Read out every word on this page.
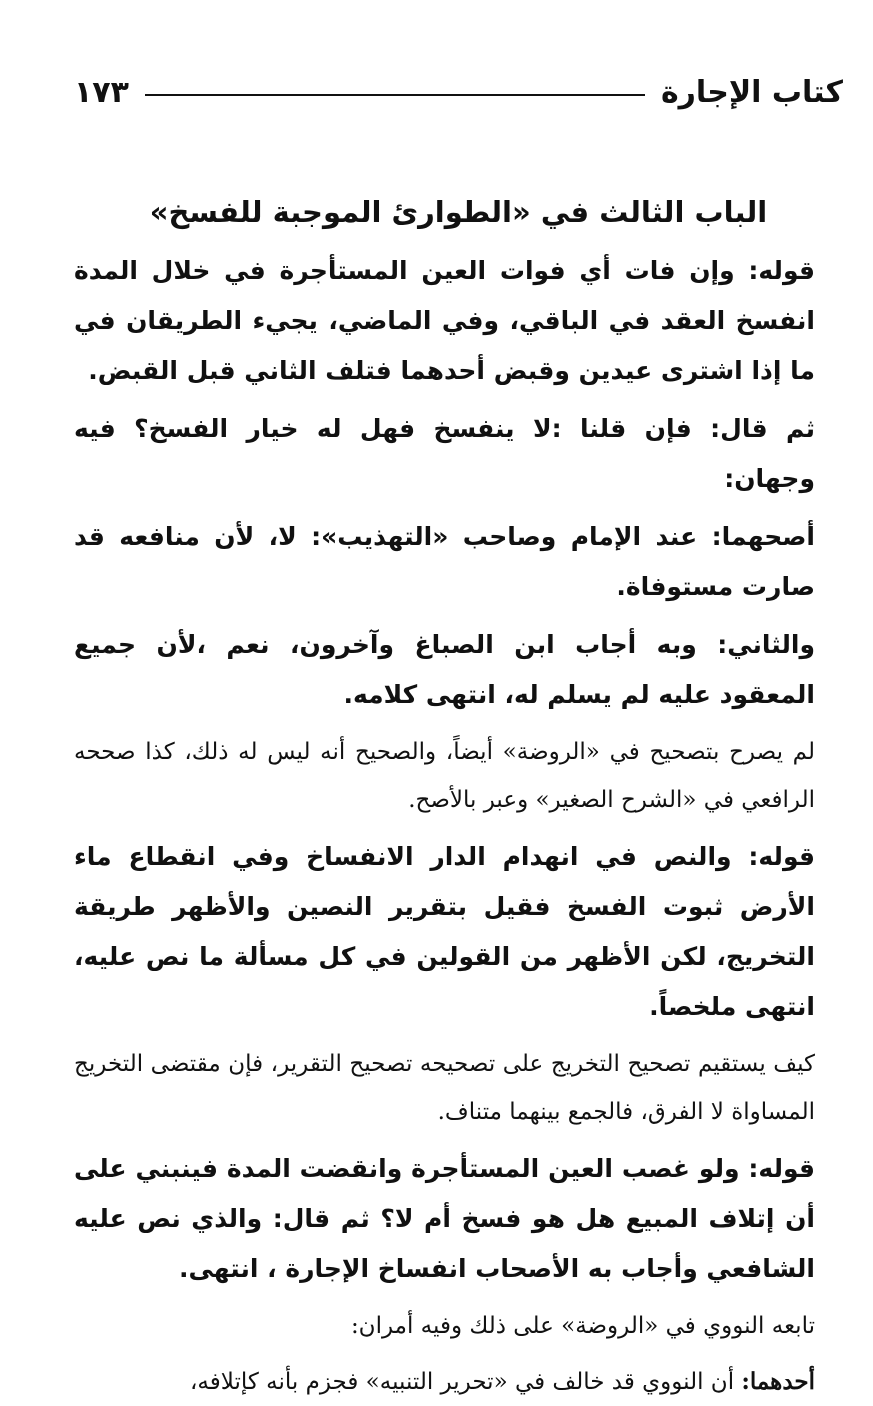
كتاب الإجارة
١٧٣
الباب الثالث في «الطوارئ الموجبة للفسخ»

قوله: وإن فات أي فوات العين المستأجرة في خلال المدة انفسخ العقد في الباقي، وفي الماضي، يجيء الطريقان في ما إذا اشترى عيدين وقبض أحدهما فتلف الثاني قبل القبض.

ثم قال: فإن قلنا :لا ينفسخ فهل له خيار الفسخ؟ فيه وجهان:

أصحهما: عند الإمام وصاحب «التهذيب»: لا، لأن منافعه قد صارت مستوفاة.

والثاني: وبه أجاب ابن الصباغ وآخرون، نعم ،لأن جميع المعقود عليه لم يسلم له، انتهى كلامه.

لم يصرح بتصحيح في «الروضة» أيضاً، والصحيح أنه ليس له ذلك، كذا صححه الرافعي في «الشرح الصغير» وعبر بالأصح.

قوله: والنص في انهدام الدار الانفساخ وفي انقطاع ماء الأرض ثبوت الفسخ فقيل بتقرير النصين والأظهر طريقة التخريج، لكن الأظهر من القولين في كل مسألة ما نص عليه، انتهى ملخصاً.

كيف يستقيم تصحيح التخريج على تصحيحه تصحيح التقرير، فإن مقتضى التخريج المساواة لا الفرق، فالجمع بينهما متناف.

قوله: ولو غصب العين المستأجرة وانقضت المدة فينبني على أن إتلاف المبيع هل هو فسخ أم لا؟ ثم قال: والذي نص عليه الشافعي وأجاب به الأصحاب انفساخ الإجارة ، انتهى.

تابعه النووي في «الروضة» على ذلك وفيه أمران:

أحدهما: أن النووي قد خالف في «تحرير التنبيه» فجزم بأنه كإتلافه،
